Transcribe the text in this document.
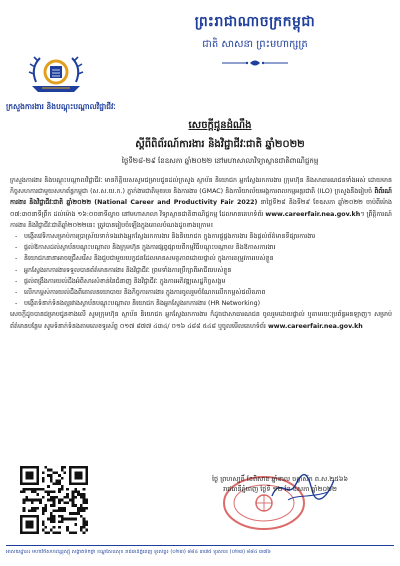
ព្រះរាជាណាចក្រកម្ពុជា
ជាតិ សាសនា ព្រះមហាក្សត្រ
ក្រសួងការងារ និងបណ្តុះបណ្តាលវិជ្ជាជីវៈ
សេចក្តីជូនដំណឹង
ស្តីពីពិព័រណ៍ការងារ និងវិជ្ជាជីវៈជាតិ ឆ្នាំ២០២២
ថ្ងៃទី២៨-២៩ ខែឧសភា ឆ្នាំ២០២២ នៅមហាសាលាវិទ្យាស្ថានជាតិពាណិជ្ជកម្ម

ក្រសួងការងារ និងបណ្តុះបណ្តាលវិជ្ជាជីវៈ មានកិត្តិយសសូមជម្រាបជូនដល់ក្រសួង ស្ថាប័ន និយោជក អ្នកស្វែងរកការងារ ក្រុមហ៊ុន និងសាធារណជនទាំងអស់ ដោយមានកិច្ចសហការជាមួយសហព័ន្ធកម្ពុជា (ស.ស.យ.ក.) ភ្នាក់ងារជាតិមុខរបរ និងការងារ (GMAC) និងការិយាល័យអង្គការពលកម្មអន្តរជាតិ (ILO) ក្រសួងនឹងរៀបចំ ពិព័រណ៍ការងារ និងវិជ្ជាជីវៈជាតិ ឆ្នាំ២០២២ (National Career and Productivity Fair 2022) នាថ្ងៃទី២៨ និងទី២៩ ខែឧសភា ឆ្នាំ២០២២ ចាប់ពីម៉ោង ០៧:៣០នាទីព្រឹក ដល់ម៉ោង ១៦:០០នាទីល្ងាច នៅមហាសាលា វិទ្យាស្ថានជាតិពាណិជ្ជកម្ម ដែលមានគេហទំព័រ www.careerfair.nea.gov.kh។ ព្រឹត្តិការណ៍ការងារ និងវិជ្ជាជីវៈជាតិឆ្នាំ២០២២នេះ ត្រូវបានរៀបចំឡើងក្នុងគោលបំណងដូចខាងក្រោម៖

- បង្កើតវេទិកាសម្រាប់ការប្រាស្រ័យទាក់ទងរវាងអ្នកស្វែងរកការងារ និងនិយោជក ក្នុងការផ្គូផ្គងការងារ និងផ្តល់ព័ត៌មានទីផ្សារការងារ
- ផ្តល់ឱកាសដល់ស្ថាប័នបណ្តុះបណ្តាល និងក្រុមហ៊ុន ក្នុងការផ្សព្វផ្សាយពីកម្មវិធីបណ្តុះបណ្តាល និងឱកាសការងារ
- និយោជកនានាអាចជ្រើសរើស និងជួបជាមួយបេក្ខជនដែលមានសមត្ថភាពដោយផ្ទាល់ ក្នុងការតម្រូវការរបស់ខ្លួន
- អ្នកស្វែងរកការងារទទួលបានព័ត៌មានការងារ និងវិជ្ជាជីវៈ ព្រមទាំងការប្រឹក្សាពីអាជីពរបស់ខ្លួន
- ផ្តល់ពង្រឹងការយល់ដឹងអំពីសារសំខាន់នៃជំនាញ និងវិជ្ជាជីវៈ ក្នុងការអភិវឌ្ឍសេដ្ឋកិច្ចសង្គម
- លើកកម្ពស់ការយល់ដឹងពីគោលនយោបាយ និងកិច្ចការការងារ ក្នុងការចូលរួមចំណែកលើកកម្ពស់ផលិតភាព
- បង្កើតទំនាក់ទំនងល្អរវាងស្ថាប័នបណ្តុះបណ្តាល និយោជក និងអ្នកស្វែងរកការងារ (HR Networking)

សេចក្តីដូចបានជម្រាបជូនខាងលើ សូមក្រុមហ៊ុន ស្ថាប័ន និយោជក អ្នកស្វែងរកការងារ ក៏ដូចជាសាធារណជន ចូលរួមដោយផ្ទាល់ ឬតាមរយៈប្រព័ន្ធអនឡាញ។ សម្រាប់ព័ត៌មានបន្ថែម សូមទំនាក់ទំនងតាមលេខទូរស័ព្ទ ០១៧ ៨៧៧ ៤៣៤/ ០១៦ ៤៨៨ ៥៤៨ ឬចូលមើលគេហទំព័រ www.careerfair.nea.gov.kh

ថ្ងៃ ព្រហស្បតិ៍ ខែពិសាខ ឆ្នាំខាល ចត្វាស័ក ព.ស.២៥៦៦
រាជធានីភ្នំពេញ ថ្ងៃទី ១២ ខែ ឧសភា ឆ្នាំ២០២២
អាសយដ្ឋាន៖ មហាវិថីសហព័ន្ធរុស្ស៊ី សង្កាត់ទឹកថ្លា ខណ្ឌសែនសុខ រាជធានីភ្នំពេញ ទូរស័ព្ទ៖ (០២៣) ៨៨៤ ៣៧៥ ទូរសារ៖ (០២៣) ៨៨៤ ៣៧៦
